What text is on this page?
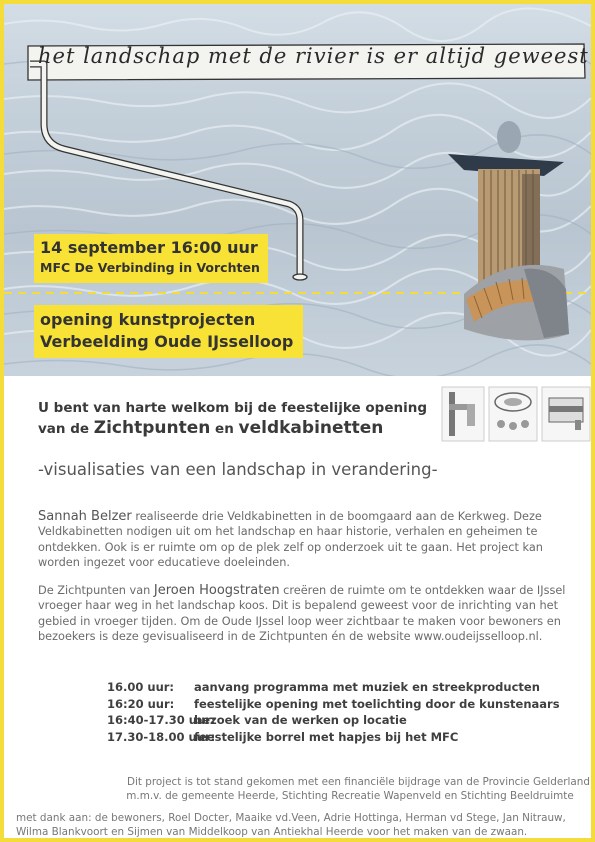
het landschap met de rivier is er altijd geweest
14 september 16:00 uur
MFC De Verbinding in Vorchten
opening kunstprojecten
Verbeelding Oude IJsselloop
U bent van harte welkom bij de feestelijke opening
van de Zichtpunten en veldkabinetten
-visualisaties van een landschap in verandering-
Sannah Belzer realiseerde drie Veldkabinetten in de boomgaard aan de Kerkweg. Deze Veldkabinetten nodigen uit om het landschap en haar historie, verhalen en geheimen te ontdekken. Ook is er ruimte om op de plek zelf op onderzoek uit te gaan. Het project kan worden ingezet voor educatieve doeleinden.
De Zichtpunten van Jeroen Hoogstraten creëren de ruimte om te ontdekken waar de IJssel vroeger haar weg in het landschap koos. Dit is bepalend geweest voor de inrichting van het gebied in vroeger tijden. Om de Oude IJssel loop weer zichtbaar te maken voor bewoners en bezoekers is deze gevisualiseerd in de Zichtpunten én de website www.oudeijsselloop.nl.
16.00 uur:	aanvang programma met muziek en streekproducten
16:20 uur:	feestelijke opening met toelichting door de kunstenaars
16:40-17.30 uur:
bezoek van de werken op locatie
17.30-18.00 uur:
feestelijke borrel met hapjes bij het MFC
Dit project is tot stand gekomen met een financiële bijdrage van de Provincie Gelderland
m.m.v. de gemeente Heerde, Stichting Recreatie Wapenveld en Stichting Beeldruimte
met dank aan: de bewoners, Roel Docter, Maaike vd.Veen, Adrie Hottinga, Herman vd Stege, Jan Nitrauw,
Wilma Blankvoort en Sijmen van Middelkoop van Antiekhal Heerde voor het maken van de zwaan.
